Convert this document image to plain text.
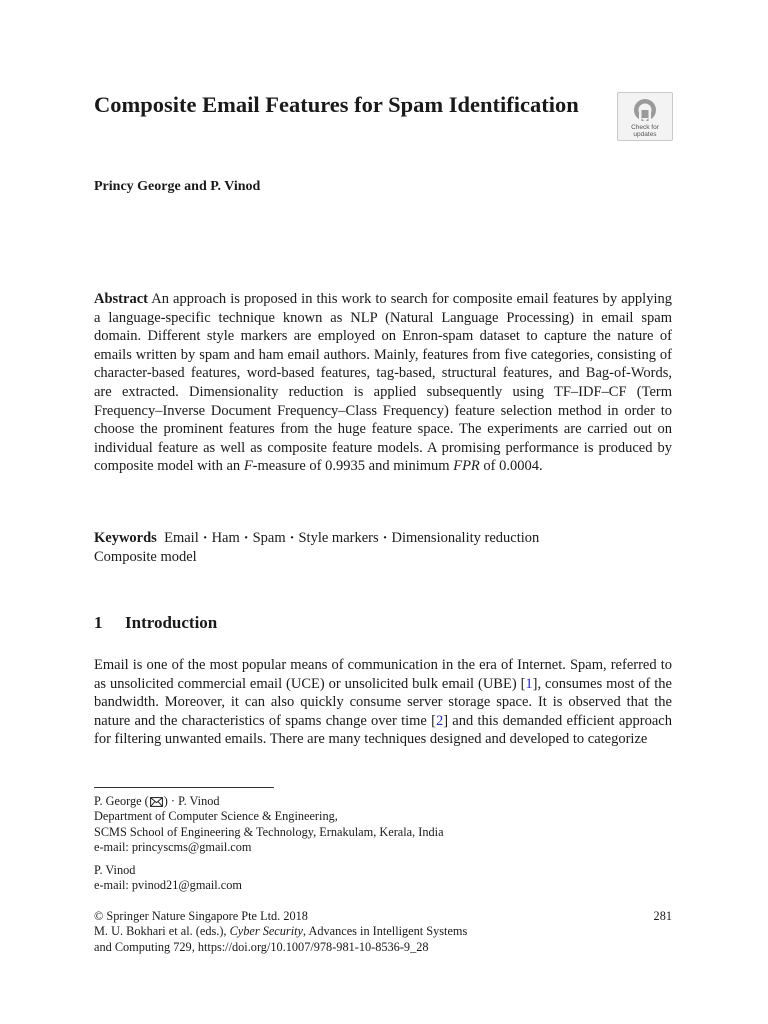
Composite Email Features for Spam Identification
Check for
updates
Princy George and P. Vinod

Abstract An approach is proposed in this work to search for composite email features by applying a language-specific technique known as NLP (Natural Language Processing) in email spam domain. Different style markers are employed on Enron-spam dataset to capture the nature of emails written by spam and ham email authors. Mainly, features from five categories, consisting of character-based features, word-based features, tag-based, structural features, and Bag-of-Words, are extracted. Dimensionality reduction is applied subsequently using TF–IDF–CF (Term Frequency–Inverse Document Frequency–Class Frequency) feature selection method in order to choose the prominent features from the huge feature space. The experiments are carried out on individual feature as well as composite feature models. A promising performance is produced by composite model with an F-measure of 0.9935 and minimum FPR of 0.0004.

Keywords Email · Ham · Spam · Style markers · Dimensionality reduction
Composite model
1 Introduction

Email is one of the most popular means of communication in the era of Internet. Spam, referred to as unsolicited commercial email (UCE) or unsolicited bulk email (UBE) [1], consumes most of the bandwidth. Moreover, it can also quickly consume server storage space. It is observed that the nature and the characteristics of spams change over time [2] and this demanded efficient approach for filtering unwanted emails. There are many techniques designed and developed to categorize

P. George ( ) · P. Vinod
Department of Computer Science & Engineering,
SCMS School of Engineering & Technology, Ernakulam, Kerala, India
e-mail: princyscms@gmail.com
P. Vinod
e-mail: pvinod21@gmail.com
© Springer Nature Singapore Pte Ltd. 2018
M. U. Bokhari et al. (eds.), Cyber Security, Advances in Intelligent Systems
and Computing 729, https://doi.org/10.1007/978-981-10-8536-9_28
281
